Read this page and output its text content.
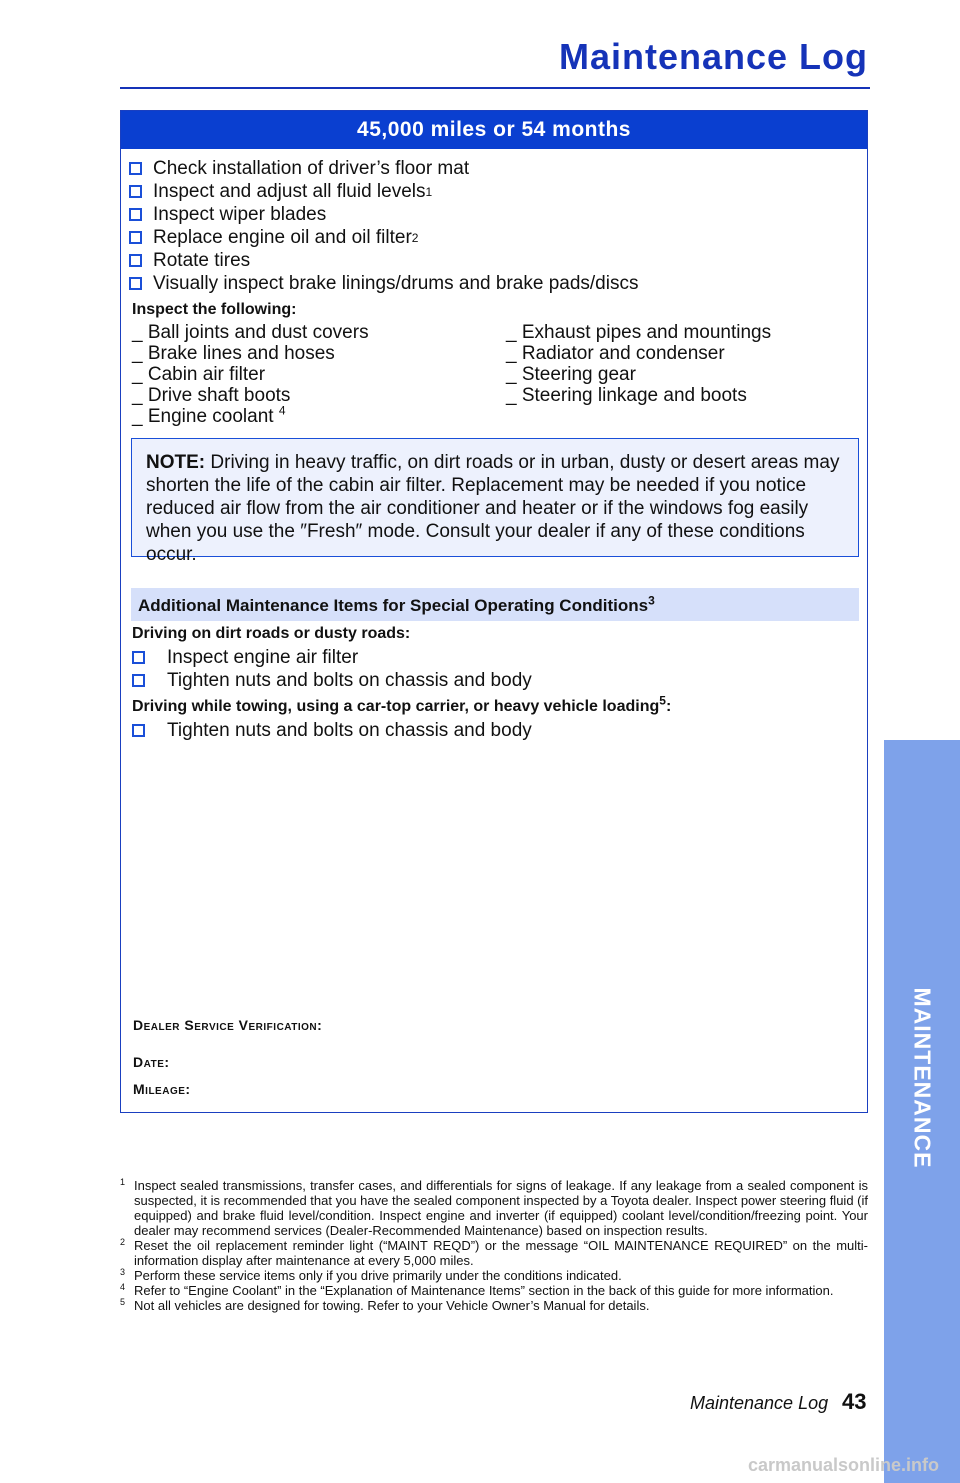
Maintenance Log
45,000 miles or 54 months
Check installation of driver’s floor mat
Inspect and adjust all fluid levels 1
Inspect wiper blades
Replace engine oil and oil filter 2
Rotate tires
Visually inspect brake linings/drums and brake pads/discs
Inspect the following:
_ Ball joints and dust covers
_ Brake lines and hoses
_ Cabin air filter
_ Drive shaft boots
_ Engine coolant $^4$
_ Exhaust pipes and mountings
_ Radiator and condenser
_ Steering gear
_ Steering linkage and boots
NOTE: Driving in heavy traffic, on dirt roads or in urban, dusty or desert areas may shorten the life of the cabin air filter. Replacement may be needed if you notice reduced air flow from the air conditioner and heater or if the windows fog easily when you use the ″Fresh″ mode. Consult your dealer if any of these conditions occur.
Additional Maintenance Items for Special Operating Conditions$^3$
Driving on dirt roads or dusty roads:
Inspect engine air filter
Tighten nuts and bolts on chassis and body
Driving while towing, using a car-top carrier, or heavy vehicle loading$^5$:
Tighten nuts and bolts on chassis and body
Dealer Service Verification:
Date:
Mileage:
1 Inspect sealed transmissions, transfer cases, and differentials for signs of leakage. If any leakage from a sealed component is suspected, it is recommended that you have the sealed component inspected by a Toyota dealer. Inspect power steering fluid (if equipped) and brake fluid level/condition. Inspect engine and inverter (if equipped) coolant level/condition/freezing point. Your dealer may recommend services (Dealer-Recommended Maintenance) based on inspection results.
2 Reset the oil replacement reminder light (“MAINT REQD”) or the message “OIL MAINTENANCE REQUIRED” on the multi-information display after maintenance at every 5,000 miles.
3 Perform these service items only if you drive primarily under the conditions indicated.
4 Refer to “Engine Coolant” in the “Explanation of Maintenance Items” section in the back of this guide for more information.
5 Not all vehicles are designed for towing. Refer to your Vehicle Owner’s Manual for details.
Maintenance Log 43
MAINTENANCE
carmanualsonline.info
